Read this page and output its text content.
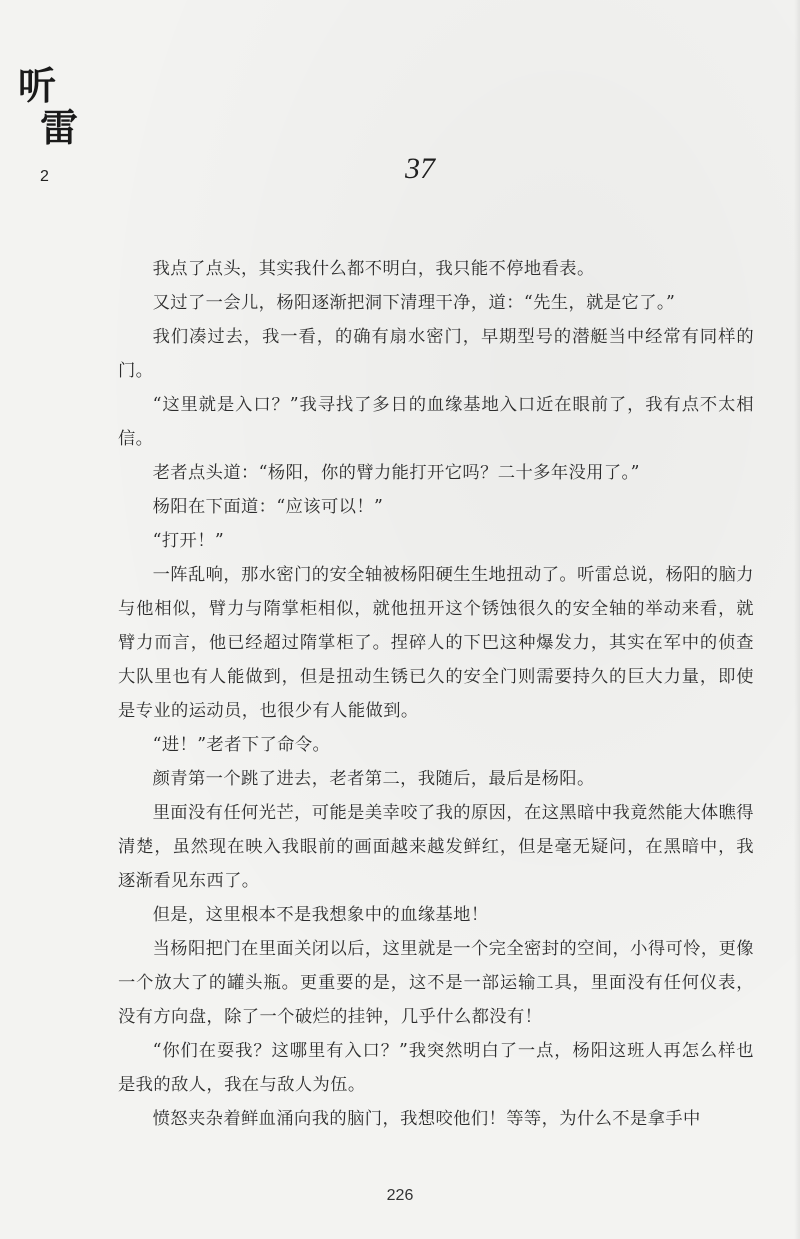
听
雷
2	37

我点了点头，其实我什么都不明白，我只能不停地看表。

又过了一会儿，杨阳逐渐把洞下清理干净，道：“先生，就是它了。”

我们凑过去，我一看，的确有扇水密门，早期型号的潜艇当中经常有同样的门。

“这里就是入口？”我寻找了多日的血缘基地入口近在眼前了，我有点不太相信。

老者点头道：“杨阳，你的臂力能打开它吗？二十多年没用了。”

杨阳在下面道：“应该可以！”

“打开！”

一阵乱响，那水密门的安全轴被杨阳硬生生地扭动了。听雷总说，杨阳的脑力与他相似，臂力与隋掌柜相似，就他扭开这个锈蚀很久的安全轴的举动来看，就臂力而言，他已经超过隋掌柜了。捏碎人的下巴这种爆发力，其实在军中的侦查大队里也有人能做到，但是扭动生锈已久的安全门则需要持久的巨大力量，即使是专业的运动员，也很少有人能做到。

“进！”老者下了命令。

颜青第一个跳了进去，老者第二，我随后，最后是杨阳。

里面没有任何光芒，可能是美幸咬了我的原因，在这黑暗中我竟然能大体瞧得清楚，虽然现在映入我眼前的画面越来越发鲜红，但是毫无疑问，在黑暗中，我逐渐看见东西了。

但是，这里根本不是我想象中的血缘基地！

当杨阳把门在里面关闭以后，这里就是一个完全密封的空间，小得可怜，更像一个放大了的罐头瓶。更重要的是，这不是一部运输工具，里面没有任何仪表，没有方向盘，除了一个破烂的挂钟，几乎什么都没有！

“你们在耍我？这哪里有入口？”我突然明白了一点，杨阳这班人再怎么样也是我的敌人，我在与敌人为伍。

愤怒夹杂着鲜血涌向我的脑门，我想咬他们！等等，为什么不是拿手中

226
